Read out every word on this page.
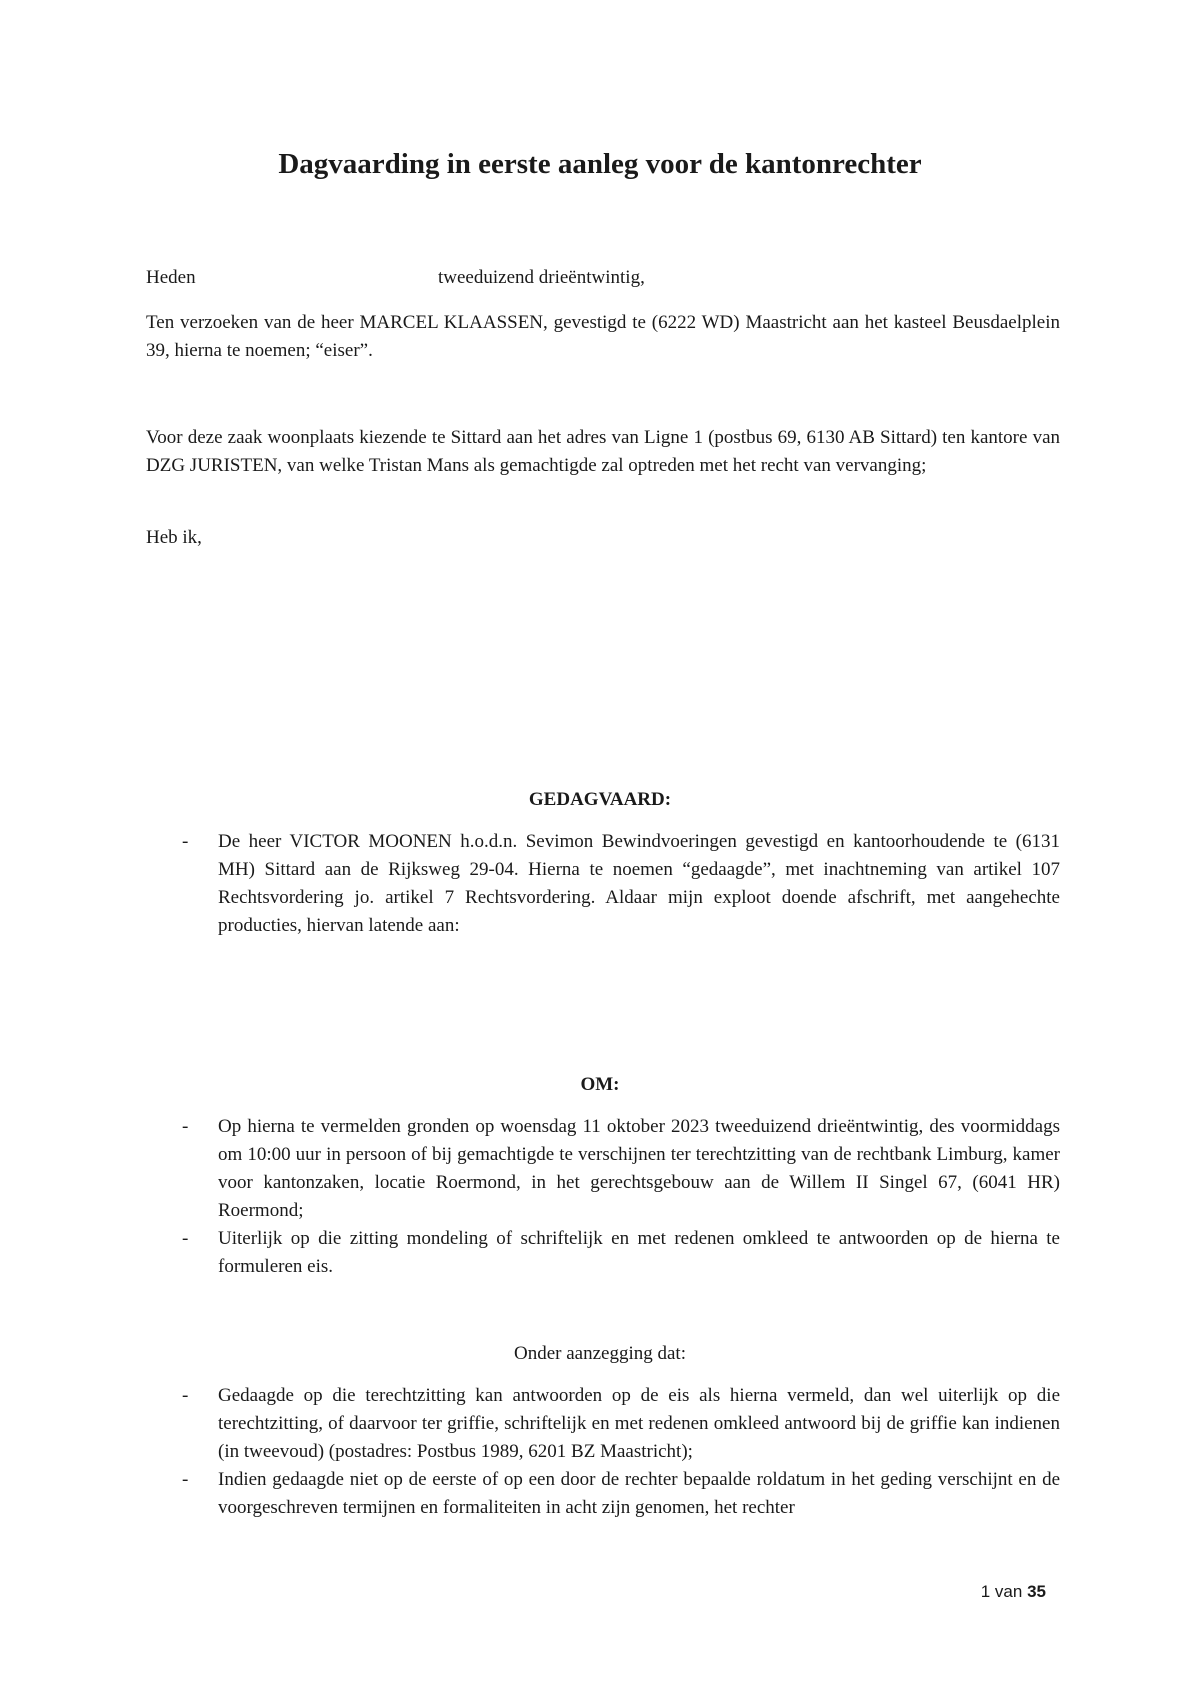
Dagvaarding in eerste aanleg voor de kantonrechter
Heden	tweeduizend drieëntwintig,

Ten verzoeken van de heer MARCEL KLAASSEN, gevestigd te (6222 WD) Maastricht aan het kasteel Beusdaelplein 39, hierna te noemen; “eiser”.

Voor deze zaak woonplaats kiezende te Sittard aan het adres van Ligne 1 (postbus 69, 6130 AB Sittard) ten kantore van DZG JURISTEN, van welke Tristan Mans als gemachtigde zal optreden met het recht van vervanging;

Heb ik,

GEDAGVAARD:

- De heer VICTOR MOONEN h.o.d.n. Sevimon Bewindvoeringen gevestigd en kantoorhoudende te (6131 MH) Sittard aan de Rijksweg 29-04. Hierna te noemen “gedaagde”, met inachtneming van artikel 107 Rechtsvordering jo. artikel 7 Rechtsvordering. Aldaar mijn exploot doende afschrift, met aangehechte producties, hiervan latende aan:

OM:

- Op hierna te vermelden gronden op woensdag 11 oktober 2023 tweeduizend drieëntwintig, des voormiddags om 10:00 uur in persoon of bij gemachtigde te verschijnen ter terechtzitting van de rechtbank Limburg, kamer voor kantonzaken, locatie Roermond, in het gerechtsgebouw aan de Willem II Singel 67, (6041 HR) Roermond;
- Uiterlijk op die zitting mondeling of schriftelijk en met redenen omkleed te antwoorden op de hierna te formuleren eis.

Onder aanzegging dat:

- Gedaagde op die terechtzitting kan antwoorden op de eis als hierna vermeld, dan wel uiterlijk op die terechtzitting, of daarvoor ter griffie, schriftelijk en met redenen omkleed antwoord bij de griffie kan indienen (in tweevoud) (postadres: Postbus 1989, 6201 BZ Maastricht);
- Indien gedaagde niet op de eerste of op een door de rechter bepaalde roldatum in het geding verschijnt en de voorgeschreven termijnen en formaliteiten in acht zijn genomen, het rechter
1 van 35
